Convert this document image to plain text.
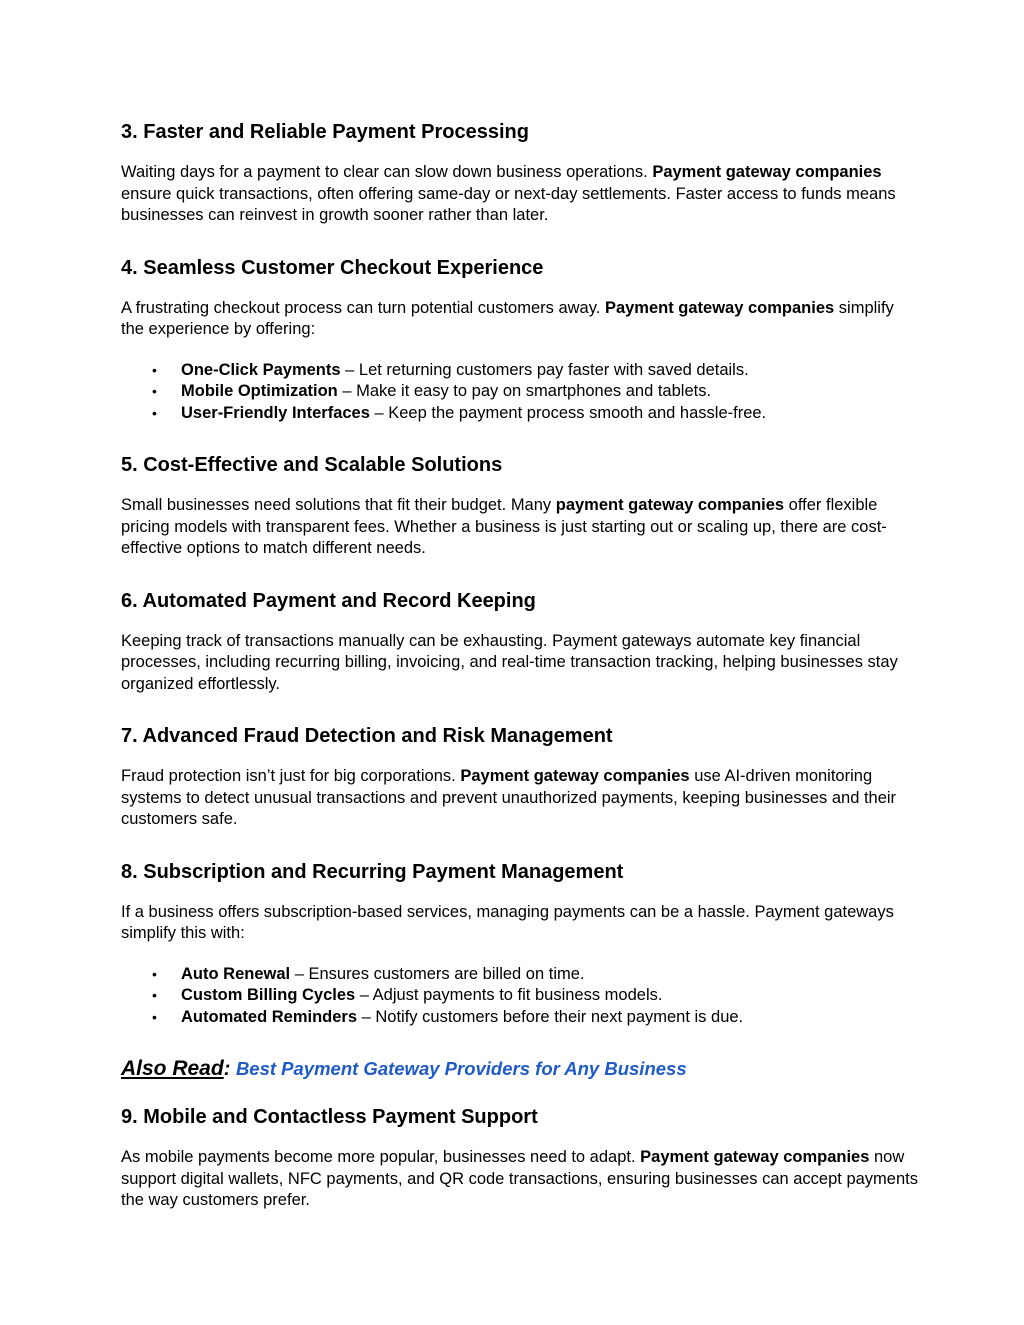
3. Faster and Reliable Payment Processing

Waiting days for a payment to clear can slow down business operations. Payment gateway companies ensure quick transactions, often offering same-day or next-day settlements. Faster access to funds means businesses can reinvest in growth sooner rather than later.

4. Seamless Customer Checkout Experience

A frustrating checkout process can turn potential customers away. Payment gateway companies simplify the experience by offering:

• One-Click Payments – Let returning customers pay faster with saved details.
• Mobile Optimization – Make it easy to pay on smartphones and tablets.
• User-Friendly Interfaces – Keep the payment process smooth and hassle-free.
5. Cost-Effective and Scalable Solutions

Small businesses need solutions that fit their budget. Many payment gateway companies offer flexible pricing models with transparent fees. Whether a business is just starting out or scaling up, there are cost-effective options to match different needs.

6. Automated Payment and Record Keeping

Keeping track of transactions manually can be exhausting. Payment gateways automate key financial processes, including recurring billing, invoicing, and real-time transaction tracking, helping businesses stay organized effortlessly.

7. Advanced Fraud Detection and Risk Management

Fraud protection isn’t just for big corporations. Payment gateway companies use AI-driven monitoring systems to detect unusual transactions and prevent unauthorized payments, keeping businesses and their customers safe.

8. Subscription and Recurring Payment Management

If a business offers subscription-based services, managing payments can be a hassle. Payment gateways simplify this with:

• Auto Renewal – Ensures customers are billed on time.
• Custom Billing Cycles – Adjust payments to fit business models.
• Automated Reminders – Notify customers before their next payment is due.
Also Read: Best Payment Gateway Providers for Any Business
9. Mobile and Contactless Payment Support

As mobile payments become more popular, businesses need to adapt. Payment gateway companies now support digital wallets, NFC payments, and QR code transactions, ensuring businesses can accept payments the way customers prefer.
